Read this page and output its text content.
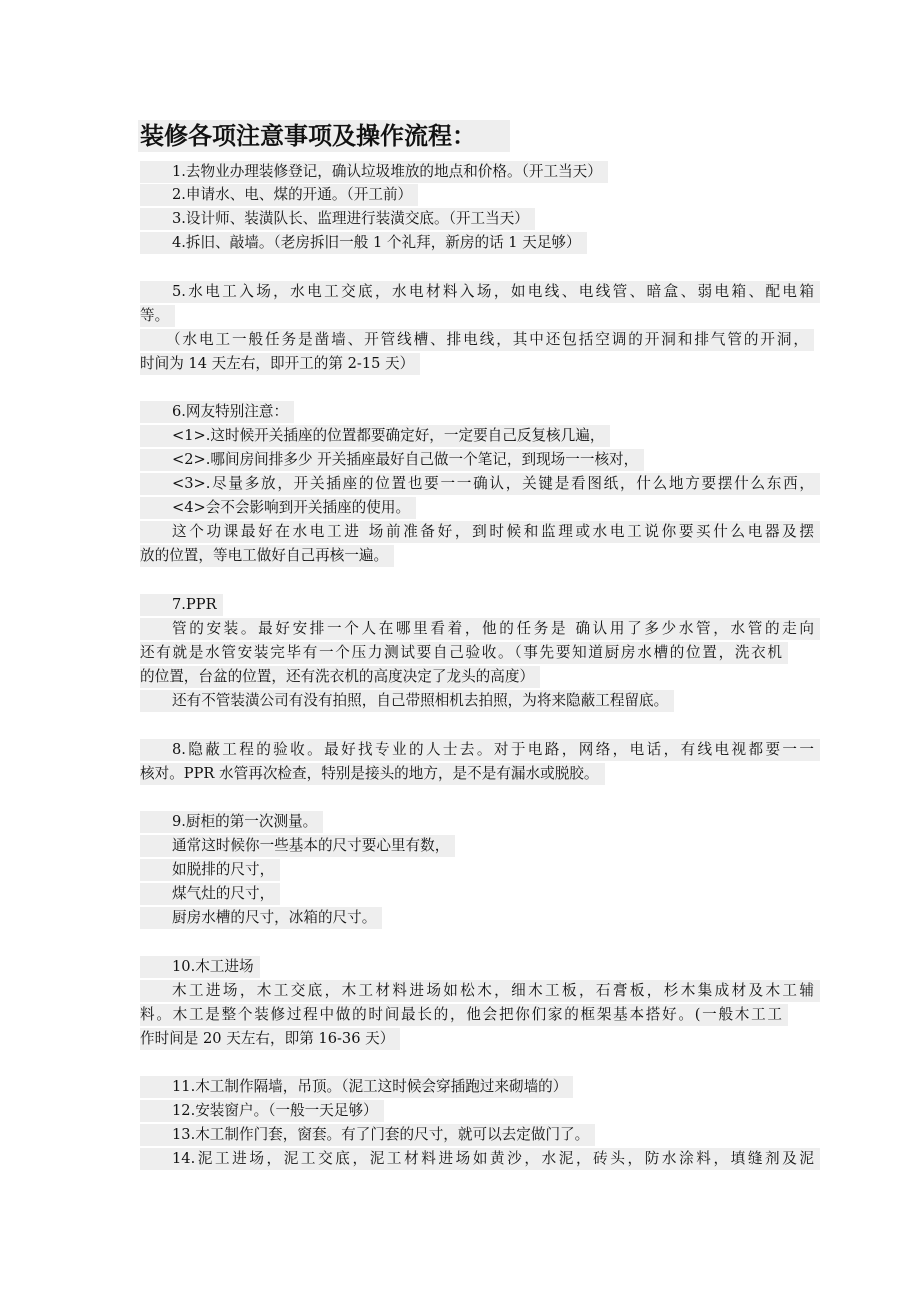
装修各项注意事项及操作流程：
1.去物业办理装修登记，确认垃圾堆放的地点和价格。（开工当天）
2.申请水、电、煤的开通。（开工前）
3.设计师、装潢队长、监理进行装潢交底。（开工当天）
4.拆旧、敲墙。（老房拆旧一般 1 个礼拜，新房的话 1 天足够）
5.水电工入场，水电工交底，水电材料入场，如电线、电线管、暗盒、弱电箱、配电箱
等。
（水电工一般任务是凿墙、开管线槽、排电线，其中还包括空调的开洞和排气管的开洞，
时间为 14 天左右，即开工的第 2-15 天）
6.网友特别注意：
<1>.这时候开关插座的位置都要确定好，一定要自己反复核几遍，
<2>.哪间房间排多少 开关插座最好自己做一个笔记，到现场一一核对，
<3>.尽量多放，开关插座的位置也要一一确认，关键是看图纸，什么地方要摆什么东西，
<4>会不会影响到开关插座的使用。
这个功课最好在水电工进 场前准备好，到时候和监理或水电工说你要买什么电器及摆
放的位置，等电工做好自己再核一遍。
7.PPR
管的安装。最好安排一个人在哪里看着，他的任务是 确认用了多少水管，水管的走向
还有就是水管安装完毕有一个压力测试要自己验收。（事先要知道厨房水槽的位置，洗衣机
的位置，台盆的位置，还有洗衣机的高度决定了龙头的高度）
还有不管装潢公司有没有拍照，自己带照相机去拍照，为将来隐蔽工程留底。
8.隐蔽工程的验收。最好找专业的人士去。对于电路，网络，电话，有线电视都要一一
核对。PPR 水管再次检查，特别是接头的地方，是不是有漏水或脱胶。
9.厨柜的第一次测量。
通常这时候你一些基本的尺寸要心里有数，
如脱排的尺寸，
煤气灶的尺寸，
厨房水槽的尺寸，冰箱的尺寸。
10.木工进场
木工进场，木工交底，木工材料进场如松木，细木工板，石膏板，杉木集成材及木工辅
料。木工是整个装修过程中做的时间最长的，他会把你们家的框架基本搭好。(一般木工工
作时间是 20 天左右，即第 16-36 天）
11.木工制作隔墙，吊顶。（泥工这时候会穿插跑过来砌墙的）
12.安装窗户。（一般一天足够）
13.木工制作门套，窗套。有了门套的尺寸，就可以去定做门了。
14.泥工进场，泥工交底，泥工材料进场如黄沙，水泥，砖头，防水涂料，填缝剂及泥
